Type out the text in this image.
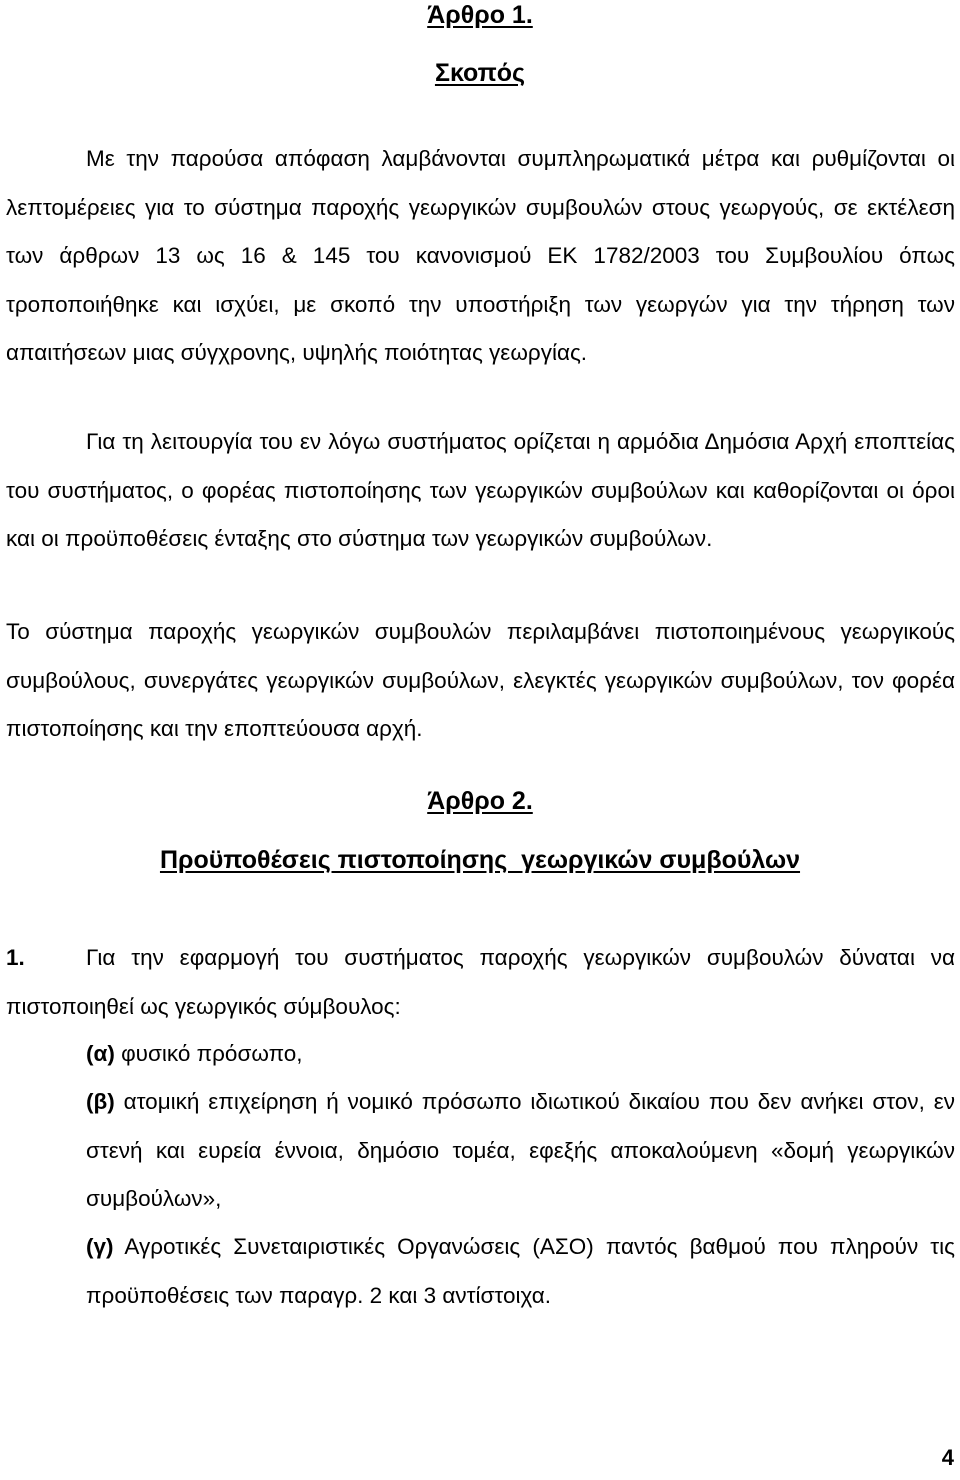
Άρθρο 1.
Σκοπός

Με την παρούσα απόφαση λαμβάνονται συμπληρωματικά μέτρα και ρυθμίζονται οι λεπτομέρειες για το σύστημα παροχής γεωργικών συμβουλών στους γεωργούς, σε εκτέλεση των άρθρων 13 ως 16 & 145 του κανονισμού ΕΚ 1782/2003 του Συμβουλίου όπως τροποποιήθηκε και ισχύει, με σκοπό την υποστήριξη των γεωργών για την τήρηση των απαιτήσεων μιας σύγχρονης, υψηλής ποιότητας γεωργίας.

Για τη λειτουργία του εν λόγω συστήματος ορίζεται η αρμόδια Δημόσια Αρχή εποπτείας του συστήματος, ο φορέας πιστοποίησης των γεωργικών συμβούλων και καθορίζονται οι όροι και οι προϋποθέσεις ένταξης στο σύστημα των γεωργικών συμβούλων.

Το σύστημα παροχής γεωργικών συμβουλών περιλαμβάνει πιστοποιημένους γεωργικούς συμβούλους, συνεργάτες γεωργικών συμβούλων, ελεγκτές γεωργικών συμβούλων, τον φορέα πιστοποίησης και την εποπτεύουσα αρχή.

Άρθρο 2.
Προϋποθέσεις πιστοποίησης  γεωργικών συμβούλων

1.	Για την εφαρμογή του συστήματος παροχής γεωργικών συμβουλών δύναται να πιστοποιηθεί ως γεωργικός σύμβουλος:

(α) φυσικό πρόσωπο,

(β) ατομική επιχείρηση ή νομικό πρόσωπο ιδιωτικού δικαίου που δεν ανήκει στον, εν στενή και ευρεία έννοια, δημόσιο τομέα, εφεξής αποκαλούμενη «δομή γεωργικών συμβούλων»,

(γ) Αγροτικές Συνεταιριστικές Οργανώσεις (ΑΣΟ) παντός βαθμού που πληρούν τις προϋποθέσεις των παραγρ. 2 και 3 αντίστοιχα.

4
